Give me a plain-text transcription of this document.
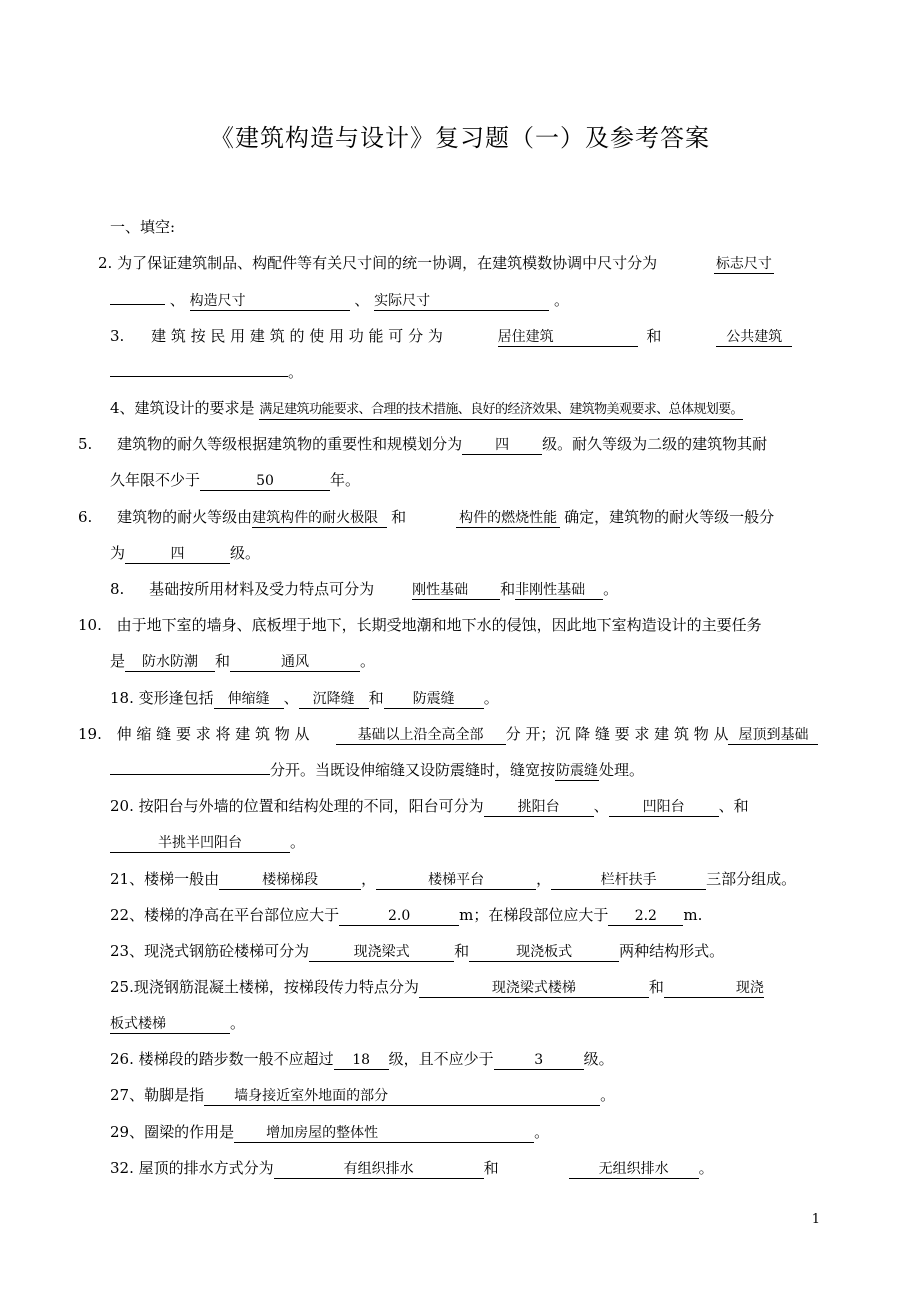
《建筑构造与设计》复习题（一）及参考答案
一、填空:
2. 为了保证建筑制品、构配件等有关尺寸间的统一协调，在建筑模数协调中尺寸分为	标志尺寸
、 构造尺寸	、 实际尺寸	。
3. 建 筑 按 民 用 建 筑 的 使 用 功 能 可 分 为	居住建筑	和	公共建筑
。
4、建筑设计的要求是 满足建筑功能要求、合理的技术措施、良好的经济效果、建筑物美观要求、总体规划要。
5. 建筑物的耐久等级根据建筑物的重要性和规模划分为 四 级。耐久等级为二级的建筑物其耐
久年限不少于	50	年。
6. 建筑物的耐火等级由建筑构件的耐火极限 和	构件的燃烧性能 确定，建筑物的耐火等级一般分
为	四	级。
8. 基础按所用材料及受力特点可分为	刚性基础 和非刚性基础 。
10. 由于地下室的墙身、底板埋于地下，长期受地潮和地下水的侵蚀，因此地下室构造设计的主要任务
是 防水防潮 和	通风	。
18. 变形逢包括 伸缩缝 、 沉降缝 和 防震缝 。
19. 伸 缩 缝 要 求 将 建 筑 物 从	基础以上沿全高全部 分 开；沉 降 缝 要 求 建 筑 物 从 屋顶到基础
分开。当既设伸缩缝又设防震缝时，缝宽按防震缝处理。
20. 按阳台与外墙的位置和结构处理的不同，阳台可分为 挑阳台 、 凹阳台 、和
半挑半凹阳台	。
21、楼梯一般由	楼梯梯段	，	楼梯平台	，	栏杆扶手	三部分组成。
22、楼梯的净高在平台部位应大于	2.0	m；在梯段部位应大于 2.2 m.
23、现浇式钢筋砼楼梯可分为	现浇梁式	和	现浇板式	两种结构形式。
25.现浇钢筋混凝土楼梯，按梯段传力特点分为	现浇梁式楼梯	和	现浇
板式楼梯	。
26. 楼梯段的踏步数一般不应超过 18 级，且不应少于	3	级。
27、勒脚是指 墙身接近室外地面的部分	。
29、圈梁的作用是 增加房屋的整体性	。
32. 屋顶的排水方式分为	有组织排水	和	无组织排水 。
1
